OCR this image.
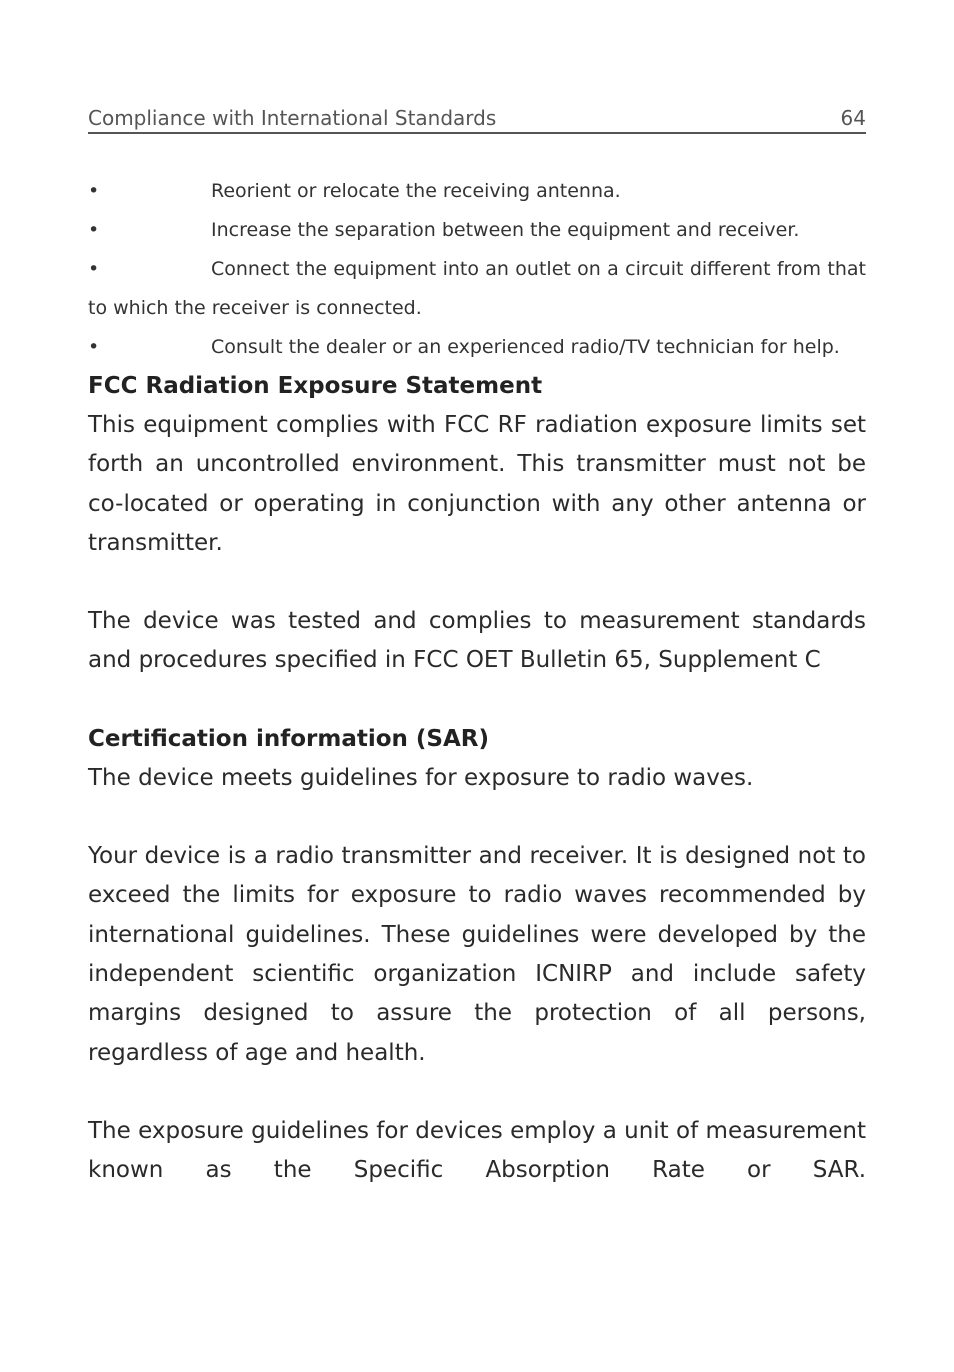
Compliance with International Standards	64
•	Reorient or relocate the receiving antenna.
•	Increase the separation between the equipment and receiver.
•	Connect the equipment into an outlet on a circuit different from that to which the receiver is connected.
•	Consult the dealer or an experienced radio/TV technician for help.
FCC Radiation Exposure Statement
This equipment complies with FCC RF radiation exposure limits set forth an uncontrolled environment. This transmitter must not be co-located or operating in conjunction with any other antenna or transmitter.
The device was tested and complies to measurement standards and procedures specified in FCC OET Bulletin 65, Supplement C
Certification information (SAR)
The device meets guidelines for exposure to radio waves.
Your device is a radio transmitter and receiver. It is designed not to exceed the limits for exposure to radio waves recommended by international guidelines. These guidelines were developed by the independent scientific organization ICNIRP and include safety margins designed to assure the protection of all persons, regardless of age and health.
The exposure guidelines for devices employ a unit of measurement known as the Specific Absorption Rate or SAR.
